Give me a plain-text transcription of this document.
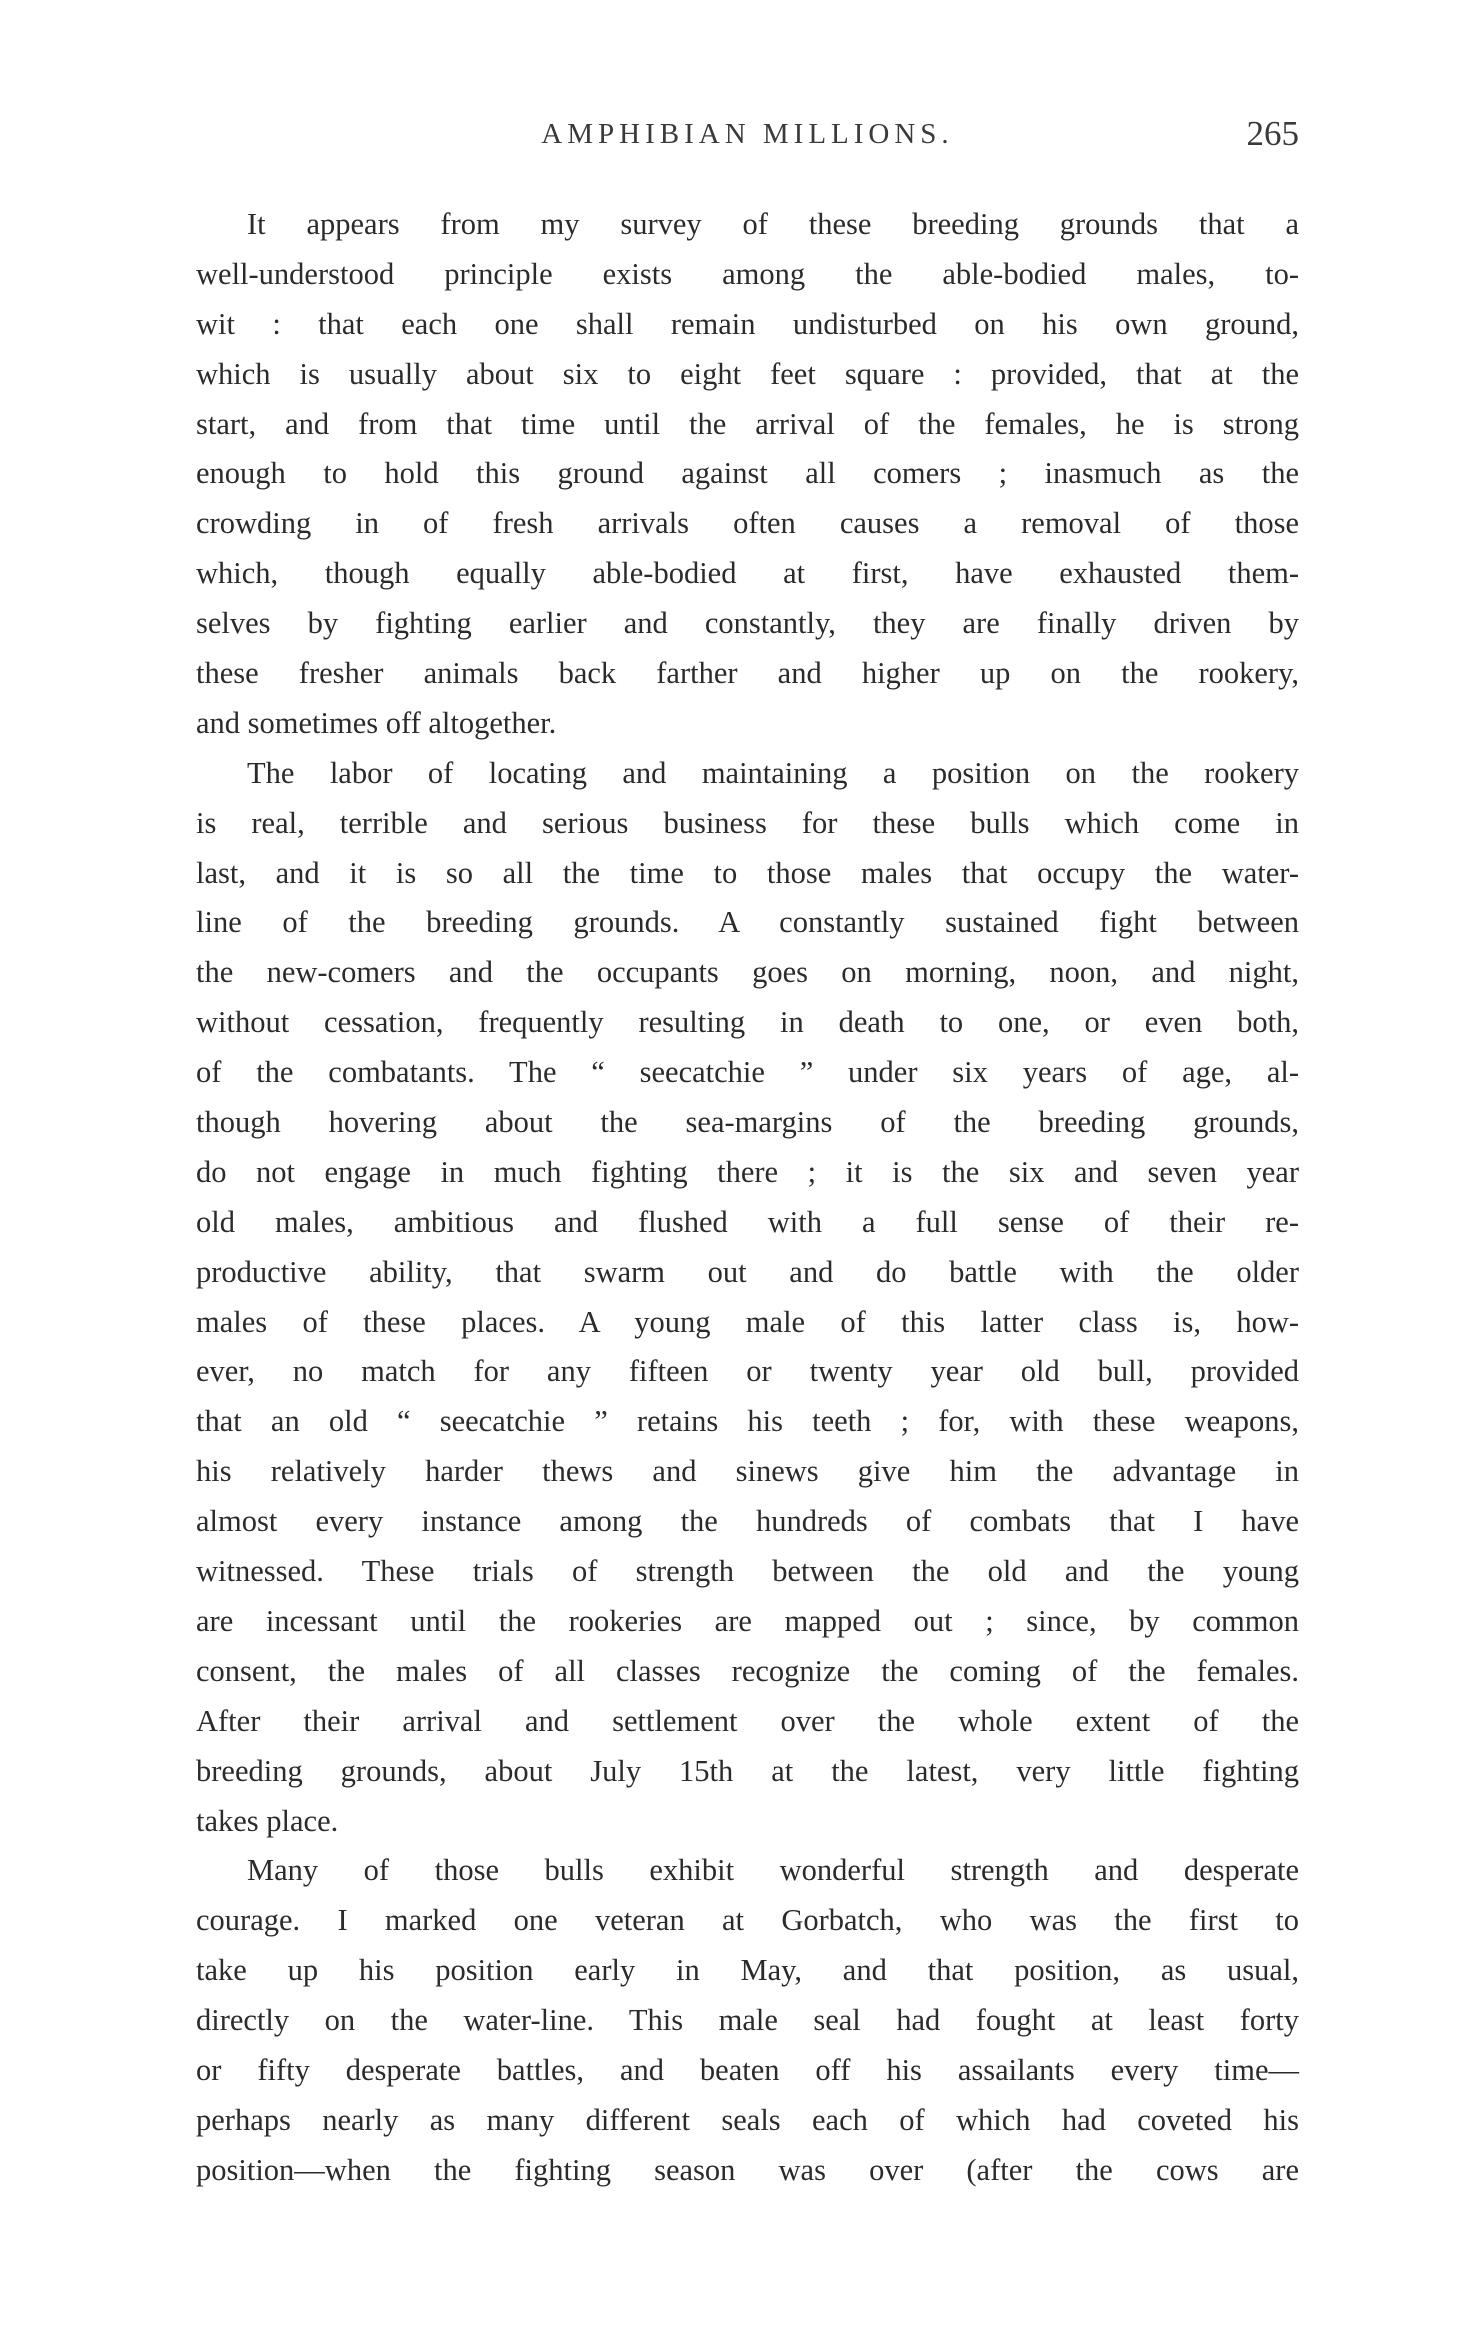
AMPHIBIAN MILLIONS.	265
It appears from my survey of these breeding grounds that a
well-understood principle exists among the able-bodied males, to-
wit : that each one shall remain undisturbed on his own ground,
which is usually about six to eight feet square : provided, that at the
start, and from that time until the arrival of the females, he is strong
enough to hold this ground against all comers ; inasmuch as the
crowding in of fresh arrivals often causes a removal of those
which, though equally able-bodied at first, have exhausted them-
selves by fighting earlier and constantly, they are finally driven by
these fresher animals back farther and higher up on the rookery,
and sometimes off altogether.
The labor of locating and maintaining a position on the rookery
is real, terrible and serious business for these bulls which come in
last, and it is so all the time to those males that occupy the water-
line of the breeding grounds. A constantly sustained fight between
the new-comers and the occupants goes on morning, noon, and night,
without cessation, frequently resulting in death to one, or even both,
of the combatants. The “ seecatchie ” under six years of age, al-
though hovering about the sea-margins of the breeding grounds,
do not engage in much fighting there ; it is the six and seven year
old males, ambitious and flushed with a full sense of their re-
productive ability, that swarm out and do battle with the older
males of these places. A young male of this latter class is, how-
ever, no match for any fifteen or twenty year old bull, provided
that an old “ seecatchie ” retains his teeth ; for, with these weapons,
his relatively harder thews and sinews give him the advantage in
almost every instance among the hundreds of combats that I have
witnessed. These trials of strength between the old and the young
are incessant until the rookeries are mapped out ; since, by common
consent, the males of all classes recognize the coming of the females.
After their arrival and settlement over the whole extent of the
breeding grounds, about July 15th at the latest, very little fighting
takes place.
Many of those bulls exhibit wonderful strength and desperate
courage. I marked one veteran at Gorbatch, who was the first to
take up his position early in May, and that position, as usual,
directly on the water-line. This male seal had fought at least forty
or fifty desperate battles, and beaten off his assailants every time—
perhaps nearly as many different seals each of which had coveted his
position—when the fighting season was over (after the cows are
